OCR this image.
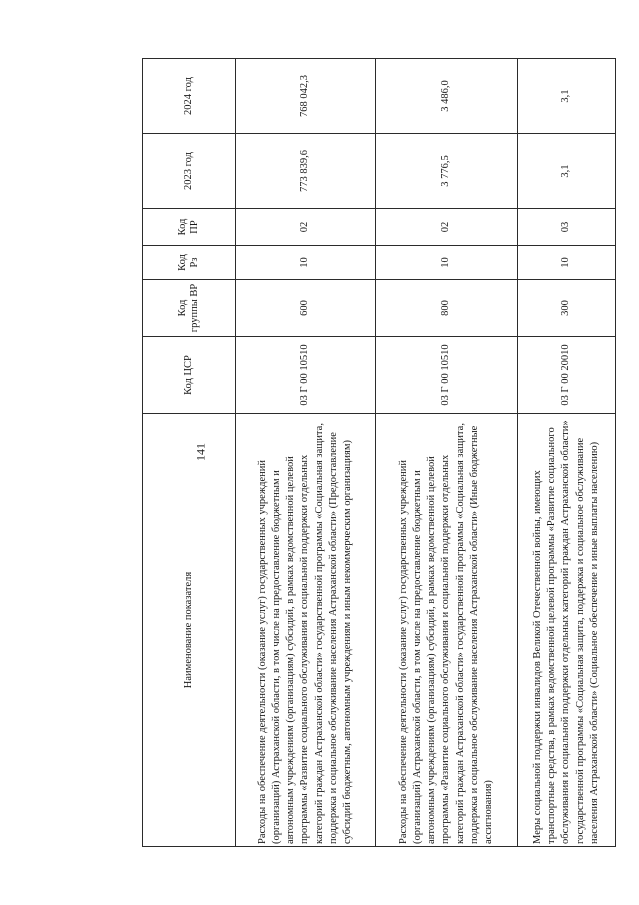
141
Наименование показателя	Код ЦСР	Код группы ВР	Код Рз	Код ПР	2023 год	2024 год
Расходы на обеспечение деятельности (оказание услуг) государственных учреждений (организаций) Астраханской области, в том числе на предоставление бюджетным и автономным учреждениям (организациям) субсидий, в рамках ведомственной целевой программы «Развитие социального обслуживания и социальной поддержки отдельных категорий граждан Астраханской области» государственной программы «Социальная защита, поддержка и социальное обслуживание населения Астраханской области» (Предоставление субсидий бюджетным, автономным учреждениям и иным некоммерческим организациям)	03 Г 00 10510	600	10	02	773 839,6	768 042,3
Расходы на обеспечение деятельности (оказание услуг) государственных учреждений (организаций) Астраханской области, в том числе на предоставление бюджетным и автономным учреждениям (организациям) субсидий, в рамках ведомственной целевой программы «Развитие социального обслуживания и социальной поддержки отдельных категорий граждан Астраханской области» государственной программы «Социальная защита, поддержка и социальное обслуживание населения Астраханской области» (Иные бюджетные ассигнования)	03 Г 00 10510	800	10	02	3 776,5	3 486,0
Меры социальной поддержки инвалидов Великой Отечественной войны, имеющих транспортные средства, в рамках ведомственной целевой программы «Развитие социального обслуживания и социальной поддержки отдельных категорий граждан Астраханской области» государственной программы «Социальная защита, поддержка и социальное обслуживание населения Астраханской области» (Социальное обеспечение и иные выплаты населению)	03 Г 00 20010	300	10	03	3,1	3,1
